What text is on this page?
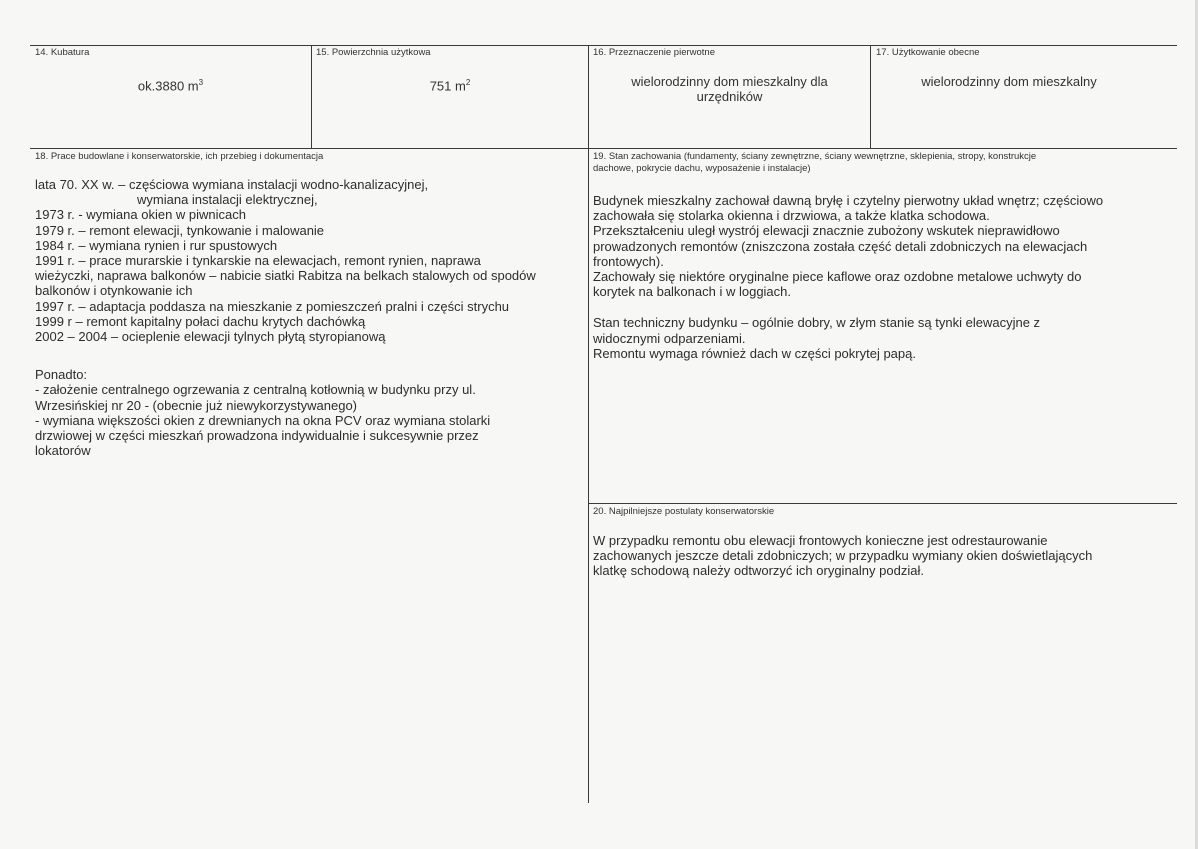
14. Kubatura
ok.3880 $m^3$
15. Powierzchnia użytkowa
751 $m^2$
16. Przeznaczenie pierwotne
wielorodzinny dom mieszkalny dla
urzędników
17. Użytkowanie obecne
wielorodzinny dom mieszkalny
18. Prace budowlane i konserwatorskie, ich przebieg i dokumentacja

lata 70. XX w. – częściowa wymiana instalacji wodno-kanalizacyjnej,

wymiana instalacji elektrycznej,

1973 r. - wymiana okien w piwnicach

1979 r. – remont elewacji, tynkowanie i malowanie

1984 r. – wymiana rynien i rur spustowych

1991 r. – prace murarskie i tynkarskie na elewacjach, remont rynien, naprawa

wieżyczki, naprawa balkonów – nabicie siatki Rabitza na belkach stalowych od spodów

balkonów i otynkowanie ich

1997 r. – adaptacja poddasza na mieszkanie z pomieszczeń pralni i części strychu

1999 r – remont kapitalny połaci dachu krytych dachówką

2002 – 2004 – ocieplenie elewacji tylnych płytą styropianową

Ponadto:

- założenie centralnego ogrzewania z centralną kotłownią w budynku przy ul.

Wrzesińskiej nr 20 - (obecnie już niewykorzystywanego)

- wymiana większości okien z drewnianych na okna PCV oraz wymiana stolarki

drzwiowej w części mieszkań prowadzona indywidualnie i sukcesywnie przez

lokatorów

19. Stan zachowania (fundamenty, ściany zewnętrzne, ściany wewnętrzne, sklepienia, stropy, konstrukcje
dachowe, pokrycie dachu, wyposażenie i instalacje)

Budynek mieszkalny zachował dawną bryłę i czytelny pierwotny układ wnętrz; częściowo

zachowała się stolarka okienna i drzwiowa, a także klatka schodowa.

Przekształceniu uległ wystrój elewacji znacznie zubożony wskutek nieprawidłowo

prowadzonych remontów (zniszczona została część detali zdobniczych na elewacjach

frontowych).

Zachowały się niektóre oryginalne piece kaflowe oraz ozdobne metalowe uchwyty do

korytek na balkonach i w loggiach.

Stan techniczny budynku – ogólnie dobry, w złym stanie są tynki elewacyjne z

widocznymi odparzeniami.

Remontu wymaga również dach w części pokrytej papą.

20. Najpilniejsze postulaty konserwatorskie

W przypadku remontu obu elewacji frontowych konieczne jest odrestaurowanie

zachowanych jeszcze detali zdobniczych; w przypadku wymiany okien doświetlających

klatkę schodową należy odtworzyć ich oryginalny podział.
